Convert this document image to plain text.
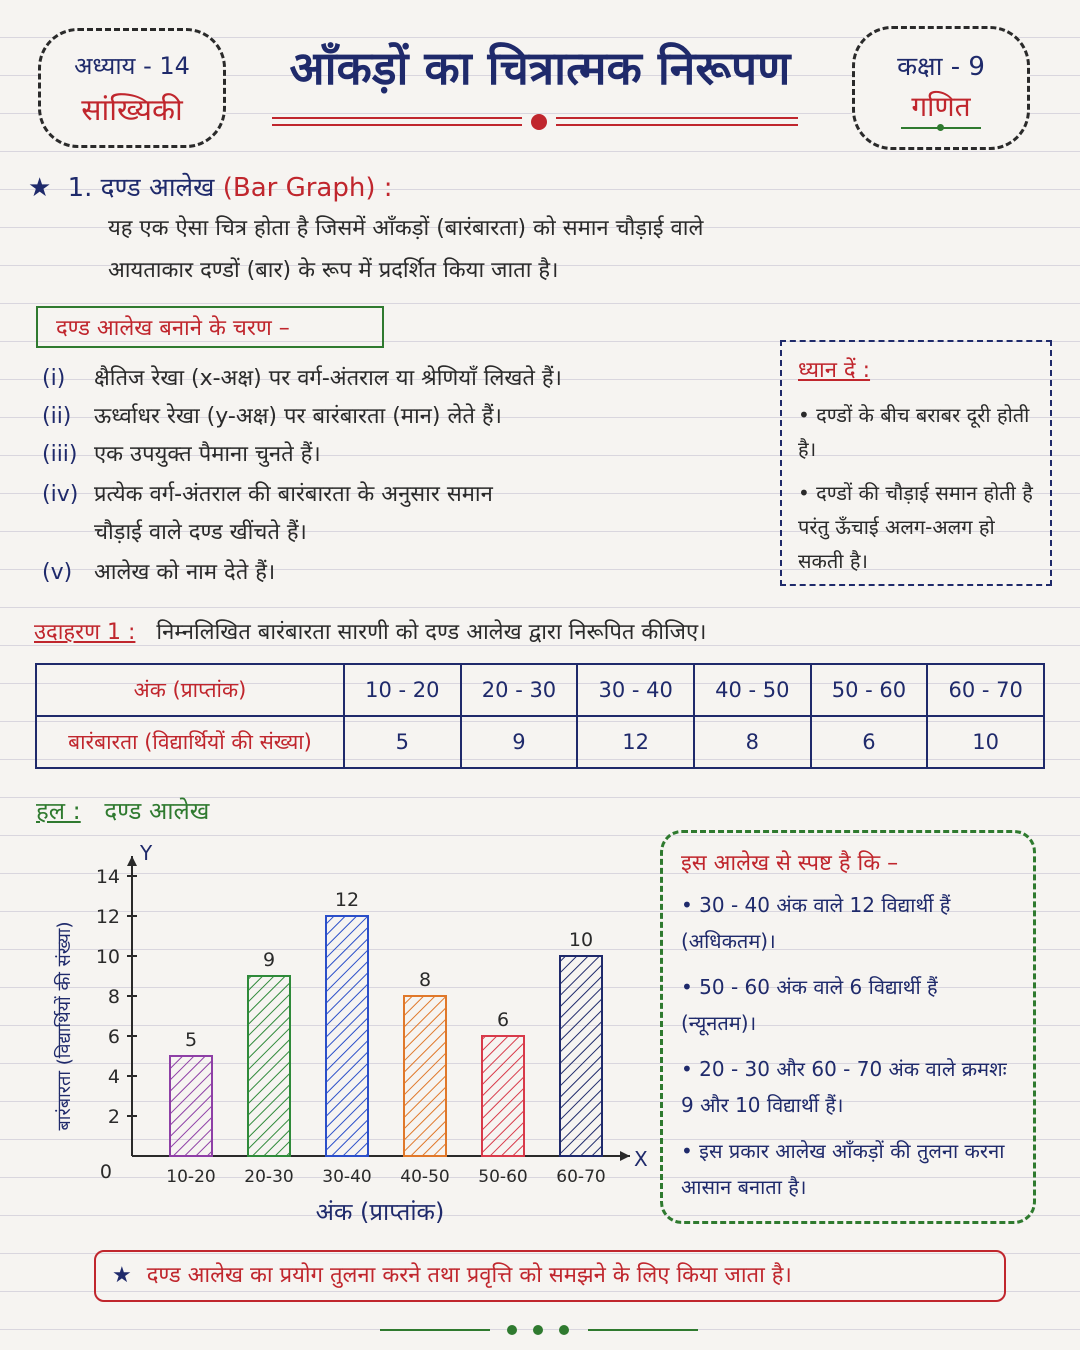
अध्याय - 14
सांख्यिकी
आँकड़ों का चित्रात्मक निरूपण	कक्षा - 9
गणित
★ 1. दण्ड आलेख (Bar Graph) :
यह एक ऐसा चित्र होता है जिसमें आँकड़ों (बारंबारता) को समान चौड़ाई वाले
आयताकार दण्डों (बार) के रूप में प्रदर्शित किया जाता है।
दण्ड आलेख बनाने के चरण –
(i) क्षैतिज रेखा (x-अक्ष) पर वर्ग-अंतराल या श्रेणियाँ लिखते हैं।
(ii) ऊर्ध्वाधर रेखा (y-अक्ष) पर बारंबारता (मान) लेते हैं।
(iii) एक उपयुक्त पैमाना चुनते हैं।
(iv) प्रत्येक वर्ग-अंतराल की बारंबारता के अनुसार समान
चौड़ाई वाले दण्ड खींचते हैं।
(v) आलेख को नाम देते हैं।
ध्यान दें :
• दण्डों के बीच बराबर दूरी होती है।
• दण्डों की चौड़ाई समान होती है परंतु ऊँचाई अलग-अलग हो सकती है।
उदाहरण 1 : निम्नलिखित बारंबारता सारणी को दण्ड आलेख द्वारा निरूपित कीजिए।
अंक (प्राप्तांक)	10 - 20	20 - 30	30 - 40	40 - 50	50 - 60	60 - 70
बारंबारता (विद्यार्थियों की संख्या)	5	9	12	8	6	10
हल : दण्ड आलेख
Y
X
0
2
4
6
8
10
12
14
बारंबारता (विद्यार्थियों की संख्या)	5
10-20
9
20-30
12
30-40
8
40-50
6
50-60
10
60-70
अंक (प्राप्तांक)
इस आलेख से स्पष्ट है कि –
• 30 - 40 अंक वाले 12 विद्यार्थी हैं (अधिकतम)।
• 50 - 60 अंक वाले 6 विद्यार्थी हैं (न्यूनतम)।
• 20 - 30 और 60 - 70 अंक वाले क्रमशः 9 और 10 विद्यार्थी हैं।
• इस प्रकार आलेख आँकड़ों की तुलना करना आसान बनाता है।
★ दण्ड आलेख का प्रयोग तुलना करने तथा प्रवृत्ति को समझने के लिए किया जाता है।
